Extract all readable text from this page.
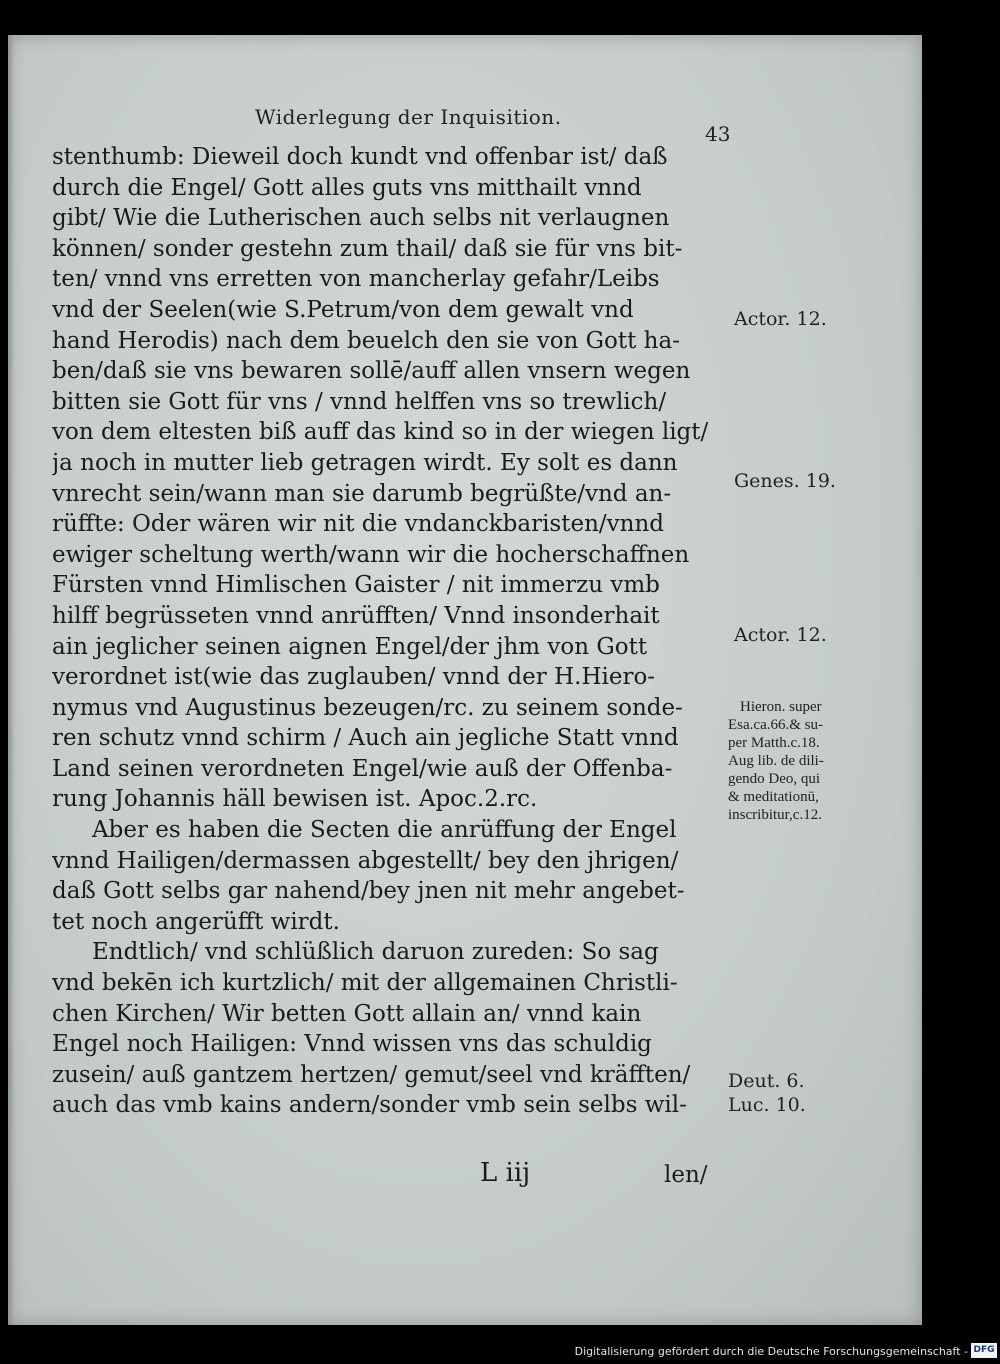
Widerlegung der Inquisition.
43
stenthumb: Dieweil doch kundt vnd offenbar ist/ daß
durch die Engel/ Gott alles guts vns mitthailt vnnd
gibt/ Wie die Lutherischen auch selbs nit verlaugnen
können/ sonder gestehn zum thail/ daß sie für vns bit-
ten/ vnnd vns erretten von mancherlay gefahr/Leibs
vnd der Seelen(wie S.Petrum/von dem gewalt vnd
hand Herodis) nach dem beuelch den sie von Gott ha-
ben/daß sie vns bewaren sollē/auff allen vnsern wegen
bitten sie Gott für vns / vnnd helffen vns so trewlich/
von dem eltesten biß auff das kind so in der wiegen ligt/
ja noch in mutter lieb getragen wirdt. Ey solt es dann
vnrecht sein/wann man sie darumb begrüßte/vnd an-
rüffte: Oder wären wir nit die vndanckbaristen/vnnd
ewiger scheltung werth/wann wir die hocherschaffnen
Fürsten vnnd Himlischen Gaister / nit immerzu vmb
hilff begrüsseten vnnd anrüfften/ Vnnd insonderhait
ain jeglicher seinen aignen Engel/der jhm von Gott
verordnet ist(wie das zuglauben/ vnnd der H.Hiero-
nymus vnd Augustinus bezeugen/rc. zu seinem sonde-
ren schutz vnnd schirm / Auch ain jegliche Statt vnnd
Land seinen verordneten Engel/wie auß der Offenba-
rung Johannis häll bewisen ist. Apoc.2.rc.
Aber es haben die Secten die anrüffung der Engel
vnnd Hailigen/dermassen abgestellt/ bey den jhrigen/
daß Gott selbs gar nahend/bey jnen nit mehr angebet-
tet noch angerüfft wirdt.
Endtlich/ vnd schlüßlich daruon zureden: So sag
vnd bekēn ich kurtzlich/ mit der allgemainen Christli-
chen Kirchen/ Wir betten Gott allain an/ vnnd kain
Engel noch Hailigen: Vnnd wissen vns das schuldig
zusein/ auß gantzem hertzen/ gemut/seel vnd kräfften/
auch das vmb kains andern/sonder vmb sein selbs wil-
Actor. 12.
Genes. 19.
Actor. 12.
Hieron. super
Esa.ca.66.& su-
per Matth.c.18.
Aug lib. de dili-
gendo Deo, qui
& meditationū,
inscribitur,c.12.
Deut. 6.
Luc. 10.
L iij	len/
Digitalisierung gefördert durch die Deutsche Forschungsgemeinschaft - DFG
